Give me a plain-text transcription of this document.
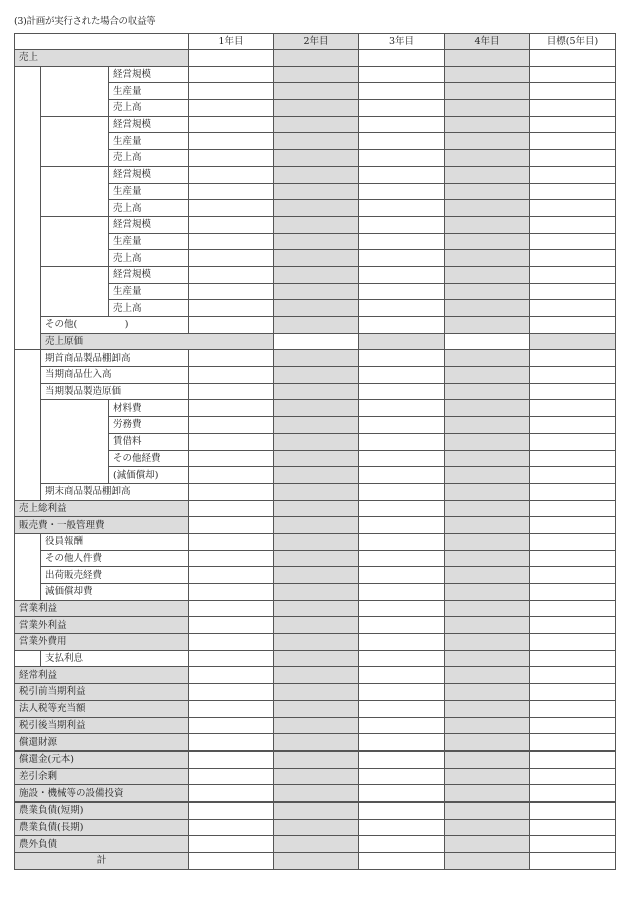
(3)計画が実行された場合の収益等
			1年目	2年目	3年目	4年目	目標(5年目)	
売上								
		経営規模						
		生産量						
		売上高						
		経営規模						
		生産量						
		売上高						
		経営規模						
		生産量						
		売上高						
		経営規模						
		生産量						
		売上高						
		経営規模						
		生産量						
		売上高						
	その他(　　　　　)							
	売上原価							
	期首商品製品棚卸高							
	当期商品仕入高							
	当期製品製造原価							
		材料費						
		労務費						
		賃借料						
		その他経費						
		(減価償却)						
	期末商品製品棚卸高							
売上総利益								
販売費・一般管理費								
	役員報酬							
	その他人件費							
	出荷販売経費							
	減価償却費							
営業利益								
営業外利益								
営業外費用								
	支払利息							
経常利益								
税引前当期利益								
法人税等充当額								
税引後当期利益								
償還財源								
償還金(元本)								
差引余剰								
施設・機械等の設備投資								
農業負債(短期)								
農業負債(長期)								
農外負債								
計								
